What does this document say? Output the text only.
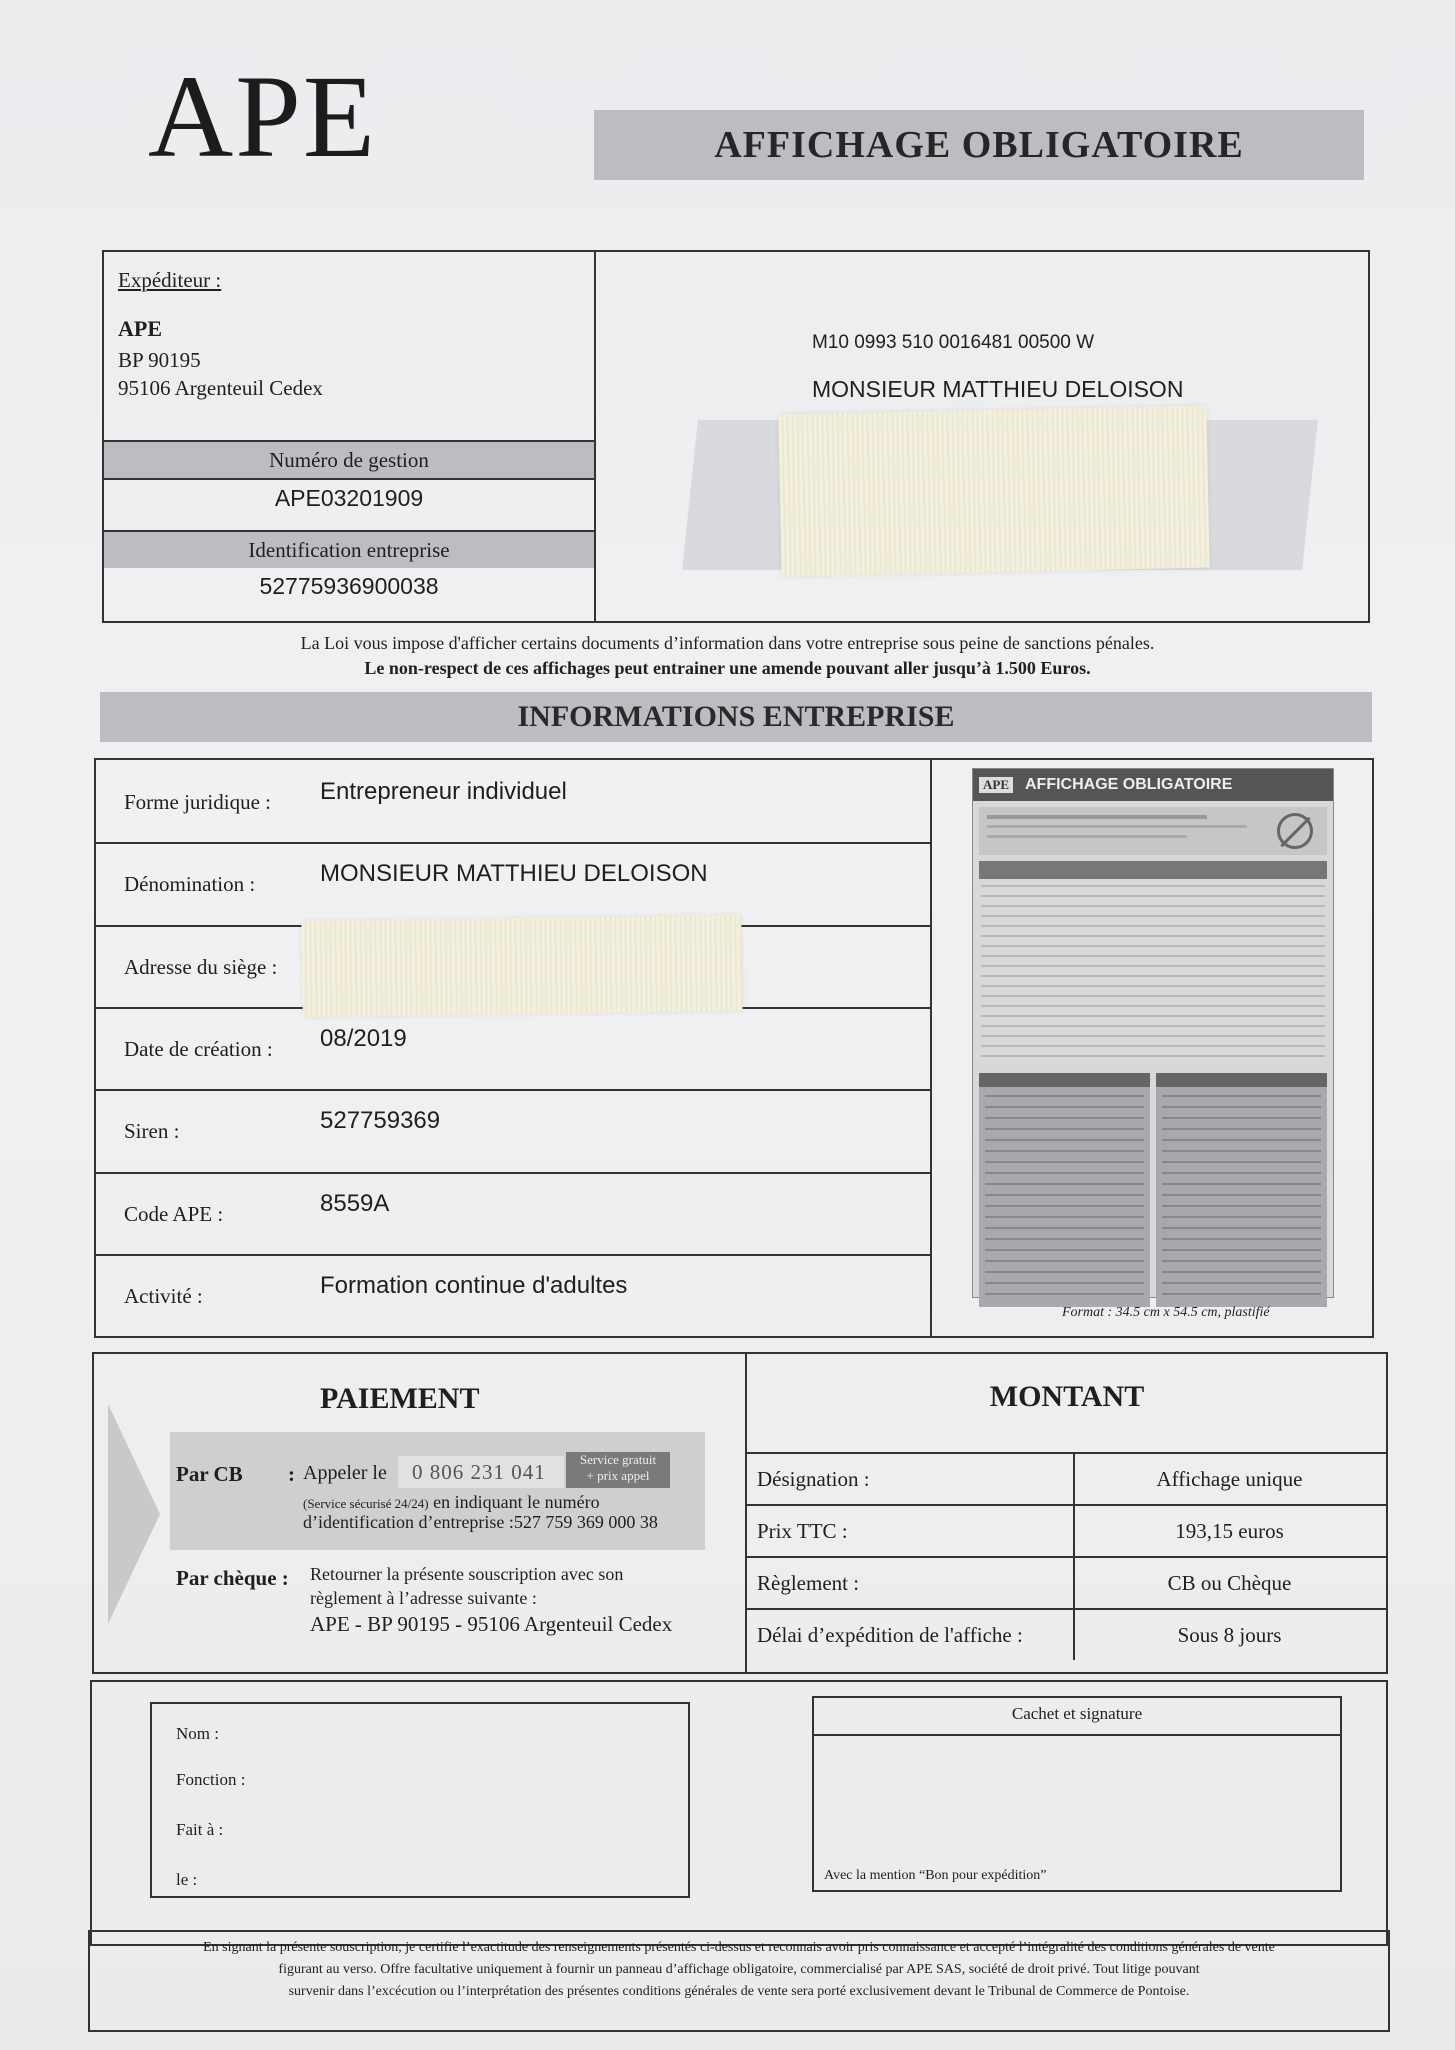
APE	AFFICHAGE OBLIGATOIRE
Expéditeur :
APE
BP 90195
95106 Argenteuil Cedex
Numéro de gestion
APE03201909
Identification entreprise
52775936900038
M10 0993 510 0016481 00500 W
MONSIEUR MATTHIEU DELOISON
La Loi vous impose d'afficher certains documents d’information dans votre entreprise sous peine de sanctions pénales.
Le non-respect de ces affichages peut entrainer une amende pouvant aller jusqu’à 1.500 Euros.
INFORMATIONS ENTREPRISE
Forme juridique : Entrepreneur individuel
Dénomination :	MONSIEUR MATTHIEU DELOISON
Adresse du siège :
Date de création : 08/2019
Siren :	527759369
Code APE :	8559A
Activité :	Formation continue d'adultes
APE AFFICHAGE OBLIGATOIRE
Format : 34.5 cm x 54.5 cm, plastifié
PAIEMENT
Par CB : Appeler le 0 806 231 041
Service gratuit
+ prix appel
(Service sécurisé 24/24) en indiquant le numéro
d’identification d’entreprise :527 759 369 000 38
Par chèque : Retourner la présente souscription avec son
règlement à l’adresse suivante :
APE - BP 90195 - 95106 Argenteuil Cedex
MONTANT
Désignation :	Affichage unique
Prix TTC :	193,15 euros
Règlement :	CB ou Chèque
Délai d’expédition de l'affiche :	Sous 8 jours
Nom :
Fonction :
Fait à :
le :
Cachet et signature
Avec la mention “Bon pour expédition”
En signant la présente souscription, je certifie l’exactitude des renseignements présentés ci-dessus et reconnais avoir pris connaissance et accepté l’intégralité des conditions générales de vente
figurant au verso. Offre facultative uniquement à fournir un panneau d’affichage obligatoire, commercialisé par APE SAS, société de droit privé. Tout litige pouvant
survenir dans l’excécution ou l’interprétation des présentes conditions générales de vente sera porté exclusivement devant le Tribunal de Commerce de Pontoise.
